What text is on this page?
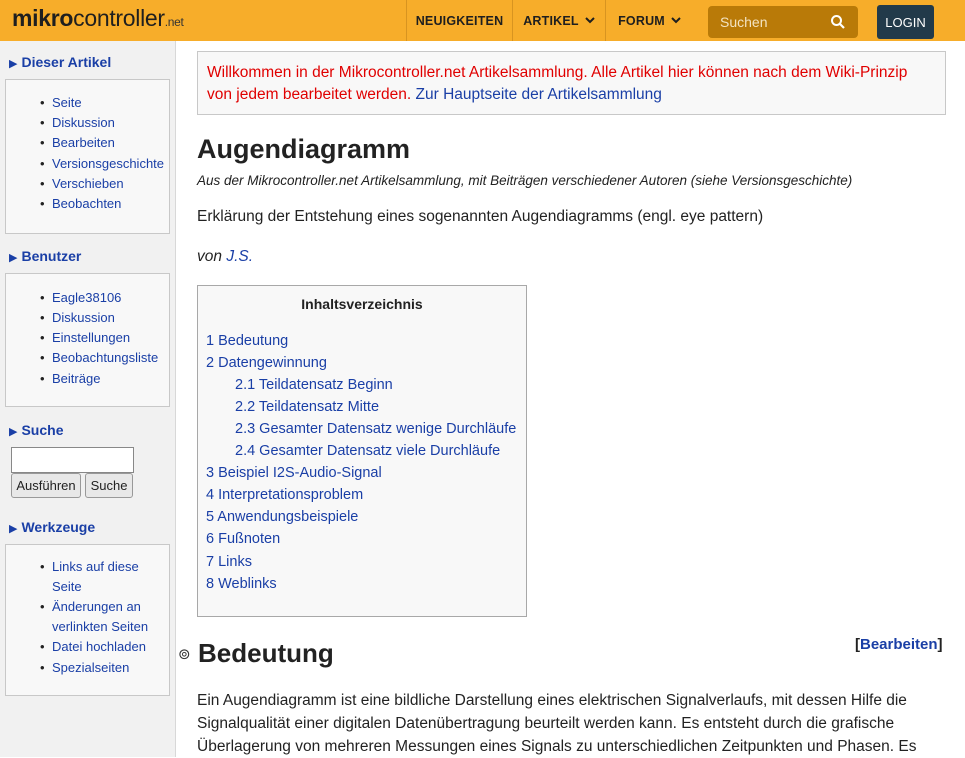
mikrocontroller.net	NEUIGKEITEN ARTIKEL	FORUM
Suchen	LOGIN
▶ Dieser Artikel
• Seite
• Diskussion
• Bearbeiten
• Versionsgeschichte
• Verschieben
• Beobachten
▶ Benutzer
• Eagle38106
• Diskussion
• Einstellungen
• Beobachtungsliste
• Beiträge
▶ Suche
Ausführen	Suche
▶ Werkzeuge
• Links auf diese
Seite
• Änderungen an
verlinkten Seiten
• Datei hochladen
• Spezialseiten
Willkommen in der Mikrocontroller.net Artikelsammlung. Alle Artikel hier können nach dem Wiki-Prinzip von jedem bearbeitet werden. Zur Hauptseite der Artikelsammlung
Augendiagramm
Aus der Mikrocontroller.net Artikelsammlung, mit Beiträgen verschiedener Autoren (siehe Versionsgeschichte)
Erklärung der Entstehung eines sogenannten Augendiagramms (engl. eye pattern)
von J.S.
Inhaltsverzeichnis
1 Bedeutung
2 Datengewinnung
2.1 Teildatensatz Beginn
2.2 Teildatensatz Mitte
2.3 Gesamter Datensatz wenige Durchläufe
2.4 Gesamter Datensatz viele Durchläufe
3 Beispiel I2S-Audio-Signal
4 Interpretationsproblem
5 Anwendungsbeispiele
6 Fußnoten
7 Links
8 Weblinks
⊚ Bedeutung	[Bearbeiten]
Ein Augendiagramm ist eine bildliche Darstellung eines elektrischen Signalverlaufs, mit dessen Hilfe die Signalqualität einer digitalen Datenübertragung beurteilt werden kann. Es entsteht durch die grafische Überlagerung von mehreren Messungen eines Signals zu unterschiedlichen Zeitpunkten und Phasen. Es
